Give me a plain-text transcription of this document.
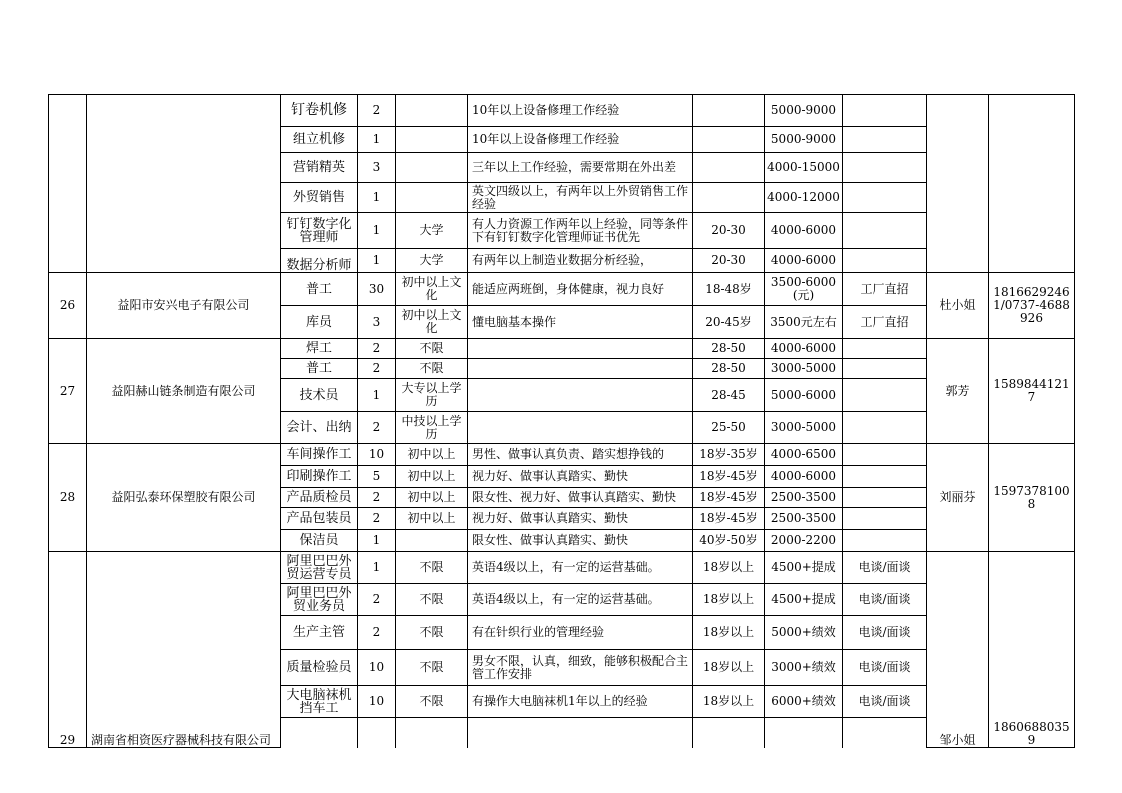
		钉卷机修	2		10年以上设备修理工作经验		5000-9000			
		组立机修	1		10年以上设备修理工作经验		5000-9000			
		营销精英	3		三年以上工作经验，需要常期在外出差		4000-15000			
		外贸销售	1		英文四级以上，有两年以上外贸销售工作经验		4000-12000			
		钉钉数字化管理师	1	大学	有人力资源工作两年以上经验，同等条件下有钉钉数字化管理师证书优先	20-30	4000-6000			
		数据分析师	1	大学	有两年以上制造业数据分析经验，	20-30	4000-6000			
26	益阳市安兴电子有限公司	普工	30	初中以上文化	能适应两班倒，身体健康，视力良好	18-48岁	3500-6000(元)	工厂直招	杜小姐	18166292461/0737-4688926
		库员	3	初中以上文化	懂电脑基本操作	20-45岁	3500元左右	工厂直招		
27	益阳赫山链条制造有限公司	焊工	2	不限		28-50	4000-6000		郭芳	15898441217
		普工	2	不限		28-50	3000-5000			
		技术员	1	大专以上学历		28-45	5000-6000			
		会计、出纳	2	中技以上学历		25-50	3000-5000			
28	益阳弘泰环保塑胶有限公司	车间操作工	10	初中以上	男性、做事认真负责、踏实想挣钱的	18岁-35岁	4000-6500		刘丽芬	15973781008
		印刷操作工	5	初中以上	视力好、做事认真踏实、勤快	18岁-45岁	4000-6000			
		产品质检员	2	初中以上	限女性、视力好、做事认真踏实、勤快	18岁-45岁	2500-3500			
		产品包装员	2	初中以上	视力好、做事认真踏实、勤快	18岁-45岁	2500-3500			
		保洁员	1		限女性、做事认真踏实、勤快	40岁-50岁	2000-2200			
29	湖南省相资医疗器械科技有限公司	阿里巴巴外贸运营专员	1	不限	英语4级以上，有一定的运营基础。	18岁以上	4500+提成	电谈/面谈	邹小姐	18606880359
		阿里巴巴外贸业务员	2	不限	英语4级以上，有一定的运营基础。	18岁以上	4500+提成	电谈/面谈		
		生产主管	2	不限	有在针织行业的管理经验	18岁以上	5000+绩效	电谈/面谈		
		质量检验员	10	不限	男女不限，认真，细致，能够积极配合主管工作安排	18岁以上	3000+绩效	电谈/面谈		
		大电脑袜机挡车工	10	不限	有操作大电脑袜机1年以上的经验	18岁以上	6000+绩效	电谈/面谈		
